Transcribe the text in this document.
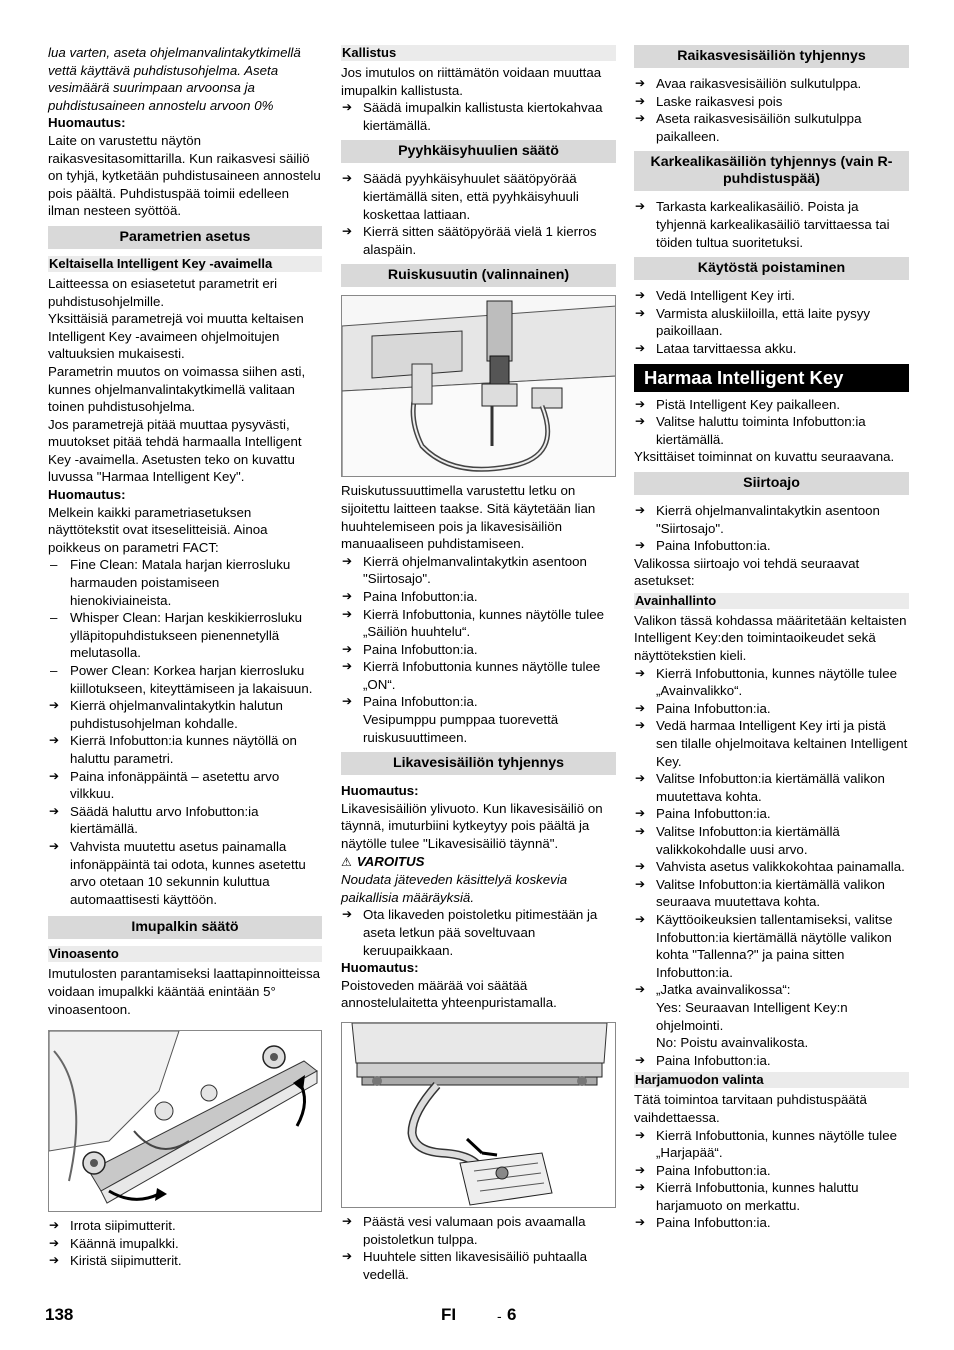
lua varten, aseta ohjelmanvalintakytkimellä vettä käyttävä puhdistusohjelma. Aseta vesimäärä suurimpaan arvoonsa ja puhdistusaineen annostelu arvoon 0%

Huomautus:

Laite on varustettu näytön raikasvesitasomittarilla. Kun raikasvesi säiliö on tyhjä, kytketään puhdistusaineen annostelu pois päältä. Puhdistuspää toimii edelleen ilman nesteen syöttöä.

Parametrien asetus
Keltaisella Intelligent Key -avaimella

Laitteessa on esiasetetut parametrit eri puhdistusohjelmille.

Yksittäisiä parametrejä voi muutta keltaisen Intelligent Key -avaimeen ohjelmoitujen valtuuksien mukaisesti.

Parametrin muutos on voimassa siihen asti, kunnes ohjelmanvalintakytkimellä valitaan toinen puhdistusohjelma.

Jos parametrejä pitää muuttaa pysyvästi, muutokset pitää tehdä harmaalla Intelligent Key -avaimella. Asetusten teko on kuvattu luvussa "Harmaa Intelligent Key".

Huomautus:

Melkein kaikki parametriasetuksen näyttötekstit ovat itseselitteisiä. Ainoa poikkeus on parametri FACT:

– Fine Clean: Matala harjan kierrosluku harmauden poistamiseen hienokiviaineista.

– Whisper Clean: Harjan keskikierrosluku ylläpitopuhdistukseen pienennetyllä melutasolla.

– Power Clean: Korkea harjan kierrosluku kiillotukseen, kiteyttämiseen ja lakaisuun.

➔ Kierrä ohjelmanvalintakytkin halutun puhdistusohjelman kohdalle.

➔ Kierrä Infobutton:ia kunnes näytöllä on haluttu parametri.

➔ Paina infonäppäintä – asetettu arvo vilkkuu.

➔ Säädä haluttu arvo Infobutton:ia kiertämällä.

➔ Vahvista muutettu asetus painamalla infonäppäintä tai odota, kunnes asetettu arvo otetaan 10 sekunnin kuluttua automaattisesti käyttöön.

Imupalkin säätö
Vinoasento

Imutulosten parantamiseksi laattapinnoitteissa voidaan imupalkki kääntää enintään 5° vinoasentoon.

➔ Irrota siipimutterit.

➔ Käännä imupalkki.

➔ Kiristä siipimutterit.

Kallistus

Jos imutulos on riittämätön voidaan muuttaa imupalkin kallistusta.

➔ Säädä imupalkin kallistusta kiertokahvaa kiertämällä.

Pyyhkäisyhuulien säätö

➔ Säädä pyyhkäisyhuulet säätöpyörää kiertämällä siten, että pyyhkäisyhuuli koskettaa lattiaan.

➔ Kierrä sitten säätöpyörää vielä 1 kierros alaspäin.

Ruiskusuutin (valinnainen)

Ruiskutussuuttimella varustettu letku on sijoitettu laitteen taakse. Sitä käytetään lian huuhtelemiseen pois ja likavesisäiliön manuaaliseen puhdistamiseen.

➔ Kierrä ohjelmanvalintakytkin asentoon "Siirtosajo".

➔ Paina Infobutton:ia.

➔ Kierrä Infobuttonia, kunnes näytölle tulee „Säiliön huuhtelu“.

➔ Paina Infobutton:ia.

➔ Kierrä Infobuttonia kunnes näytölle tulee „ON“.

➔ Paina Infobutton:ia.

Vesipumppu pumppaa tuorevettä ruiskusuuttimeen.

Likavesisäiliön tyhjennys

Huomautus:

Likavesisäiliön ylivuoto. Kun likavesisäiliö on täynnä, imuturbiini kytkeytyy pois päältä ja näytölle tulee "Likavesisäiliö täynnä".

⚠ VAROITUS

Noudata jäteveden käsittelyä koskevia paikallisia määräyksiä.

➔ Ota likaveden poistoletku pitimestään ja aseta letkun pää soveltuvaan keruupaikkaan.

Huomautus:

Poistoveden määrää voi säätää annostelulaitetta yhteenpuristamalla.

➔ Päästä vesi valumaan pois avaamalla poistoletkun tulppa.

➔ Huuhtele sitten likavesisäiliö puhtaalla vedellä.

Raikasvesisäiliön tyhjennys

➔ Avaa raikasvesisäiliön sulkutulppa.

➔ Laske raikasvesi pois

➔ Aseta raikasvesisäiliön sulkutulppa paikalleen.

Karkealikasäiliön tyhjennys (vain R-puhdistuspää)

➔ Tarkasta karkealikasäiliö. Poista ja tyhjennä karkealikasäiliö tarvittaessa tai töiden tultua suoritetuksi.

Käytöstä poistaminen

➔ Vedä Intelligent Key irti.

➔ Varmista aluskiiloilla, että laite pysyy paikoillaan.

➔ Lataa tarvittaessa akku.

Harmaa Intelligent Key

➔ Pistä Intelligent Key paikalleen.

➔ Valitse haluttu toiminta Infobutton:ia kiertämällä.

Yksittäiset toiminnat on kuvattu seuraavana.

Siirtoajo

➔ Kierrä ohjelmanvalintakytkin asentoon "Siirtosajo".

➔ Paina Infobutton:ia.

Valikossa siirtoajo voi tehdä seuraavat asetukset:

Avainhallinto

Valikon tässä kohdassa määritetään keltaisten Intelligent Key:den toimintaoikeudet sekä

näyttötekstien kieli.

➔ Kierrä Infobuttonia, kunnes näytölle tulee „Avainvalikko“.

➔ Paina Infobutton:ia.

➔ Vedä harmaa Intelligent Key irti ja pistä sen tilalle ohjelmoitava keltainen Intelligent Key.

➔ Valitse Infobutton:ia kiertämällä valikon muutettava kohta.

➔ Paina Infobutton:ia.

➔ Valitse Infobutton:ia kiertämällä valikkokohdalle uusi arvo.

➔ Vahvista asetus valikkokohtaa painamalla.

➔ Valitse Infobutton:ia kiertämällä valikon seuraava muutettava kohta.

➔ Käyttöoikeuksien tallentamiseksi, valitse Infobutton:ia kiertämällä näytölle valikon kohta "Tallenna?" ja paina sitten Infobutton:ia.

➔ „Jatka avainvalikossa“:

Yes: Seuraavan Intelligent Key:n ohjelmointi.

No: Poistu avainvalikosta.

➔ Paina Infobutton:ia.

Harjamuodon valinta

Tätä toimintoa tarvitaan puhdistuspäätä vaihdettaessa.

➔ Kierrä Infobuttonia, kunnes näytölle tulee „Harjapää“.

➔ Paina Infobutton:ia.

➔ Kierrä Infobuttonia, kunnes haluttu harjamuoto on merkattu.

➔ Paina Infobutton:ia.

138	FI	- 6
